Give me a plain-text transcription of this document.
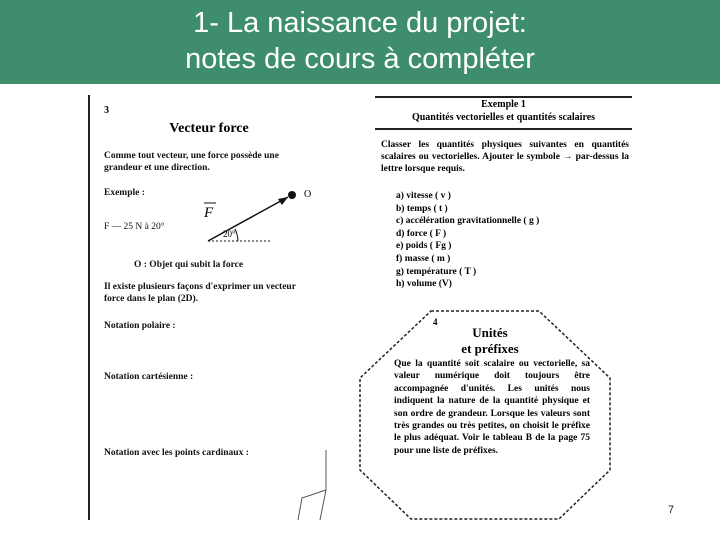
1- La naissance du projet:
notes de cours à compléter
3
Vecteur force
Comme tout vecteur, une force possède une grandeur et une direction.
Exemple :
20°
F
O
F — 25 N à 20°
O : Objet qui subit la force
Il existe plusieurs façons d'exprimer un vecteur force dans le plan (2D).
Notation polaire :
Notation cartésienne :
Notation avec les points cardinaux :
Exemple 1
Quantités vectorielles et quantités scalaires
Classer les quantités physiques suivantes en quantités scalaires ou vectorielles. Ajouter le symbole → par-dessus la lettre lorsque requis.
a) vitesse ( v )
b) temps ( t )
c) accélération gravitationnelle ( g )
d) force ( F )
e) poids ( Fg )
f) masse ( m )
g) température ( T )
h) volume (V)
4
Unités
et préfixes
Que la quantité soit scalaire ou vectorielle, sa valeur numérique doit toujours être accompagnée d'unités. Les unités nous indiquent la nature de la quantité physique et son ordre de grandeur. Lorsque les valeurs sont très grandes ou très petites, on choisit le préfixe le plus adéquat. Voir le tableau B de la page 75 pour une liste de préfixes.
7
